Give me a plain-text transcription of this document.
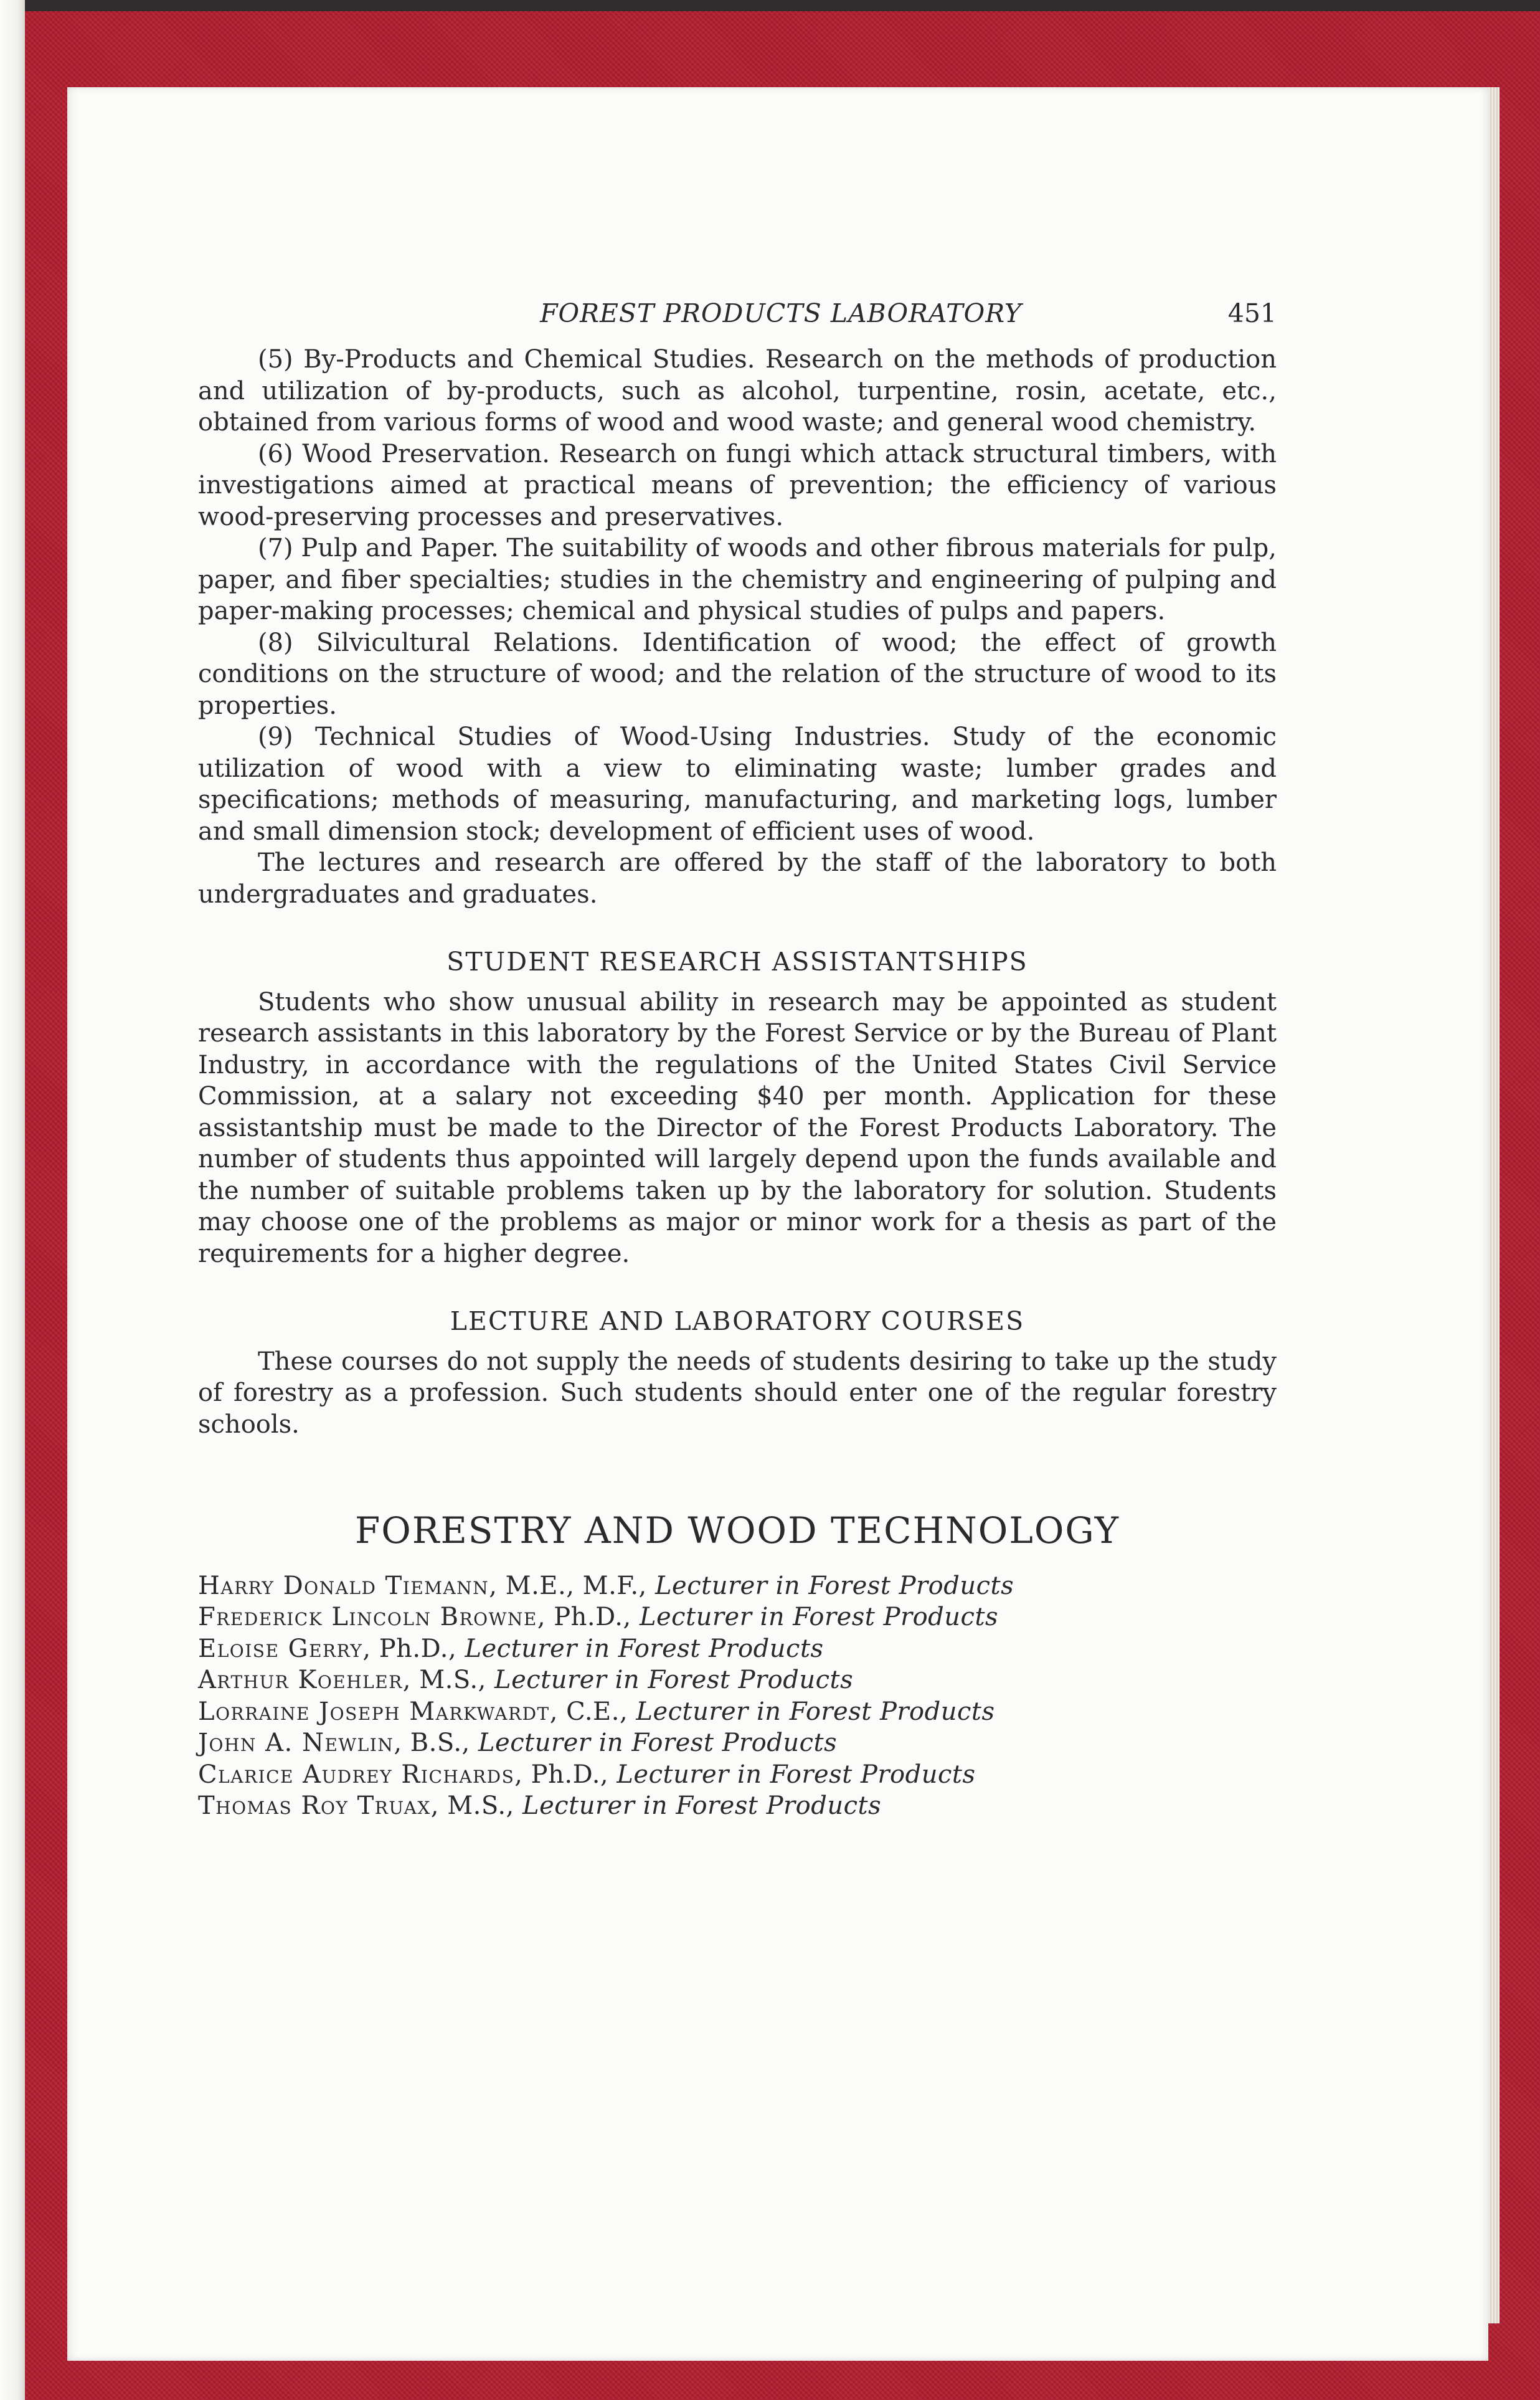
FOREST PRODUCTS LABORATORY	451

(5) By-Products and Chemical Studies. Research on the methods of production and utilization of by-products, such as alcohol, turpentine, rosin, acetate, etc., obtained from various forms of wood and wood waste; and general wood chemistry.

(6) Wood Preservation. Research on fungi which attack structural timbers, with investigations aimed at practical means of prevention; the efficiency of various wood-preserving processes and preservatives.

(7) Pulp and Paper. The suitability of woods and other fibrous materials for pulp, paper, and fiber specialties; studies in the chemistry and engineering of pulping and paper-making processes; chemical and physical studies of pulps and papers.

(8) Silvicultural Relations. Identification of wood; the effect of growth conditions on the structure of wood; and the relation of the structure of wood to its properties.

(9) Technical Studies of Wood-Using Industries. Study of the economic utilization of wood with a view to eliminating waste; lumber grades and specifications; methods of measuring, manufacturing, and marketing logs, lumber and small dimension stock; development of efficient uses of wood.

The lectures and research are offered by the staff of the laboratory to both undergraduates and graduates.

STUDENT RESEARCH ASSISTANTSHIPS

Students who show unusual ability in research may be appointed as student research assistants in this laboratory by the Forest Service or by the Bureau of Plant Industry, in accordance with the regulations of the United States Civil Service Commission, at a salary not exceeding $40 per month. Application for these assistantship must be made to the Director of the Forest Products Laboratory. The number of students thus appointed will largely depend upon the funds available and the number of suitable problems taken up by the laboratory for solution. Students may choose one of the problems as major or minor work for a thesis as part of the requirements for a higher degree.

LECTURE AND LABORATORY COURSES

These courses do not supply the needs of students desiring to take up the study of forestry as a profession. Such students should enter one of the regular forestry schools.

FORESTRY AND WOOD TECHNOLOGY
Harry Donald Tiemann, M.E., M.F., Lecturer in Forest Products
Frederick Lincoln Browne, Ph.D., Lecturer in Forest Products
Eloise Gerry, Ph.D., Lecturer in Forest Products
Arthur Koehler, M.S., Lecturer in Forest Products
Lorraine Joseph Markwardt, C.E., Lecturer in Forest Products
John A. Newlin, B.S., Lecturer in Forest Products
Clarice Audrey Richards, Ph.D., Lecturer in Forest Products
Thomas Roy Truax, M.S., Lecturer in Forest Products
